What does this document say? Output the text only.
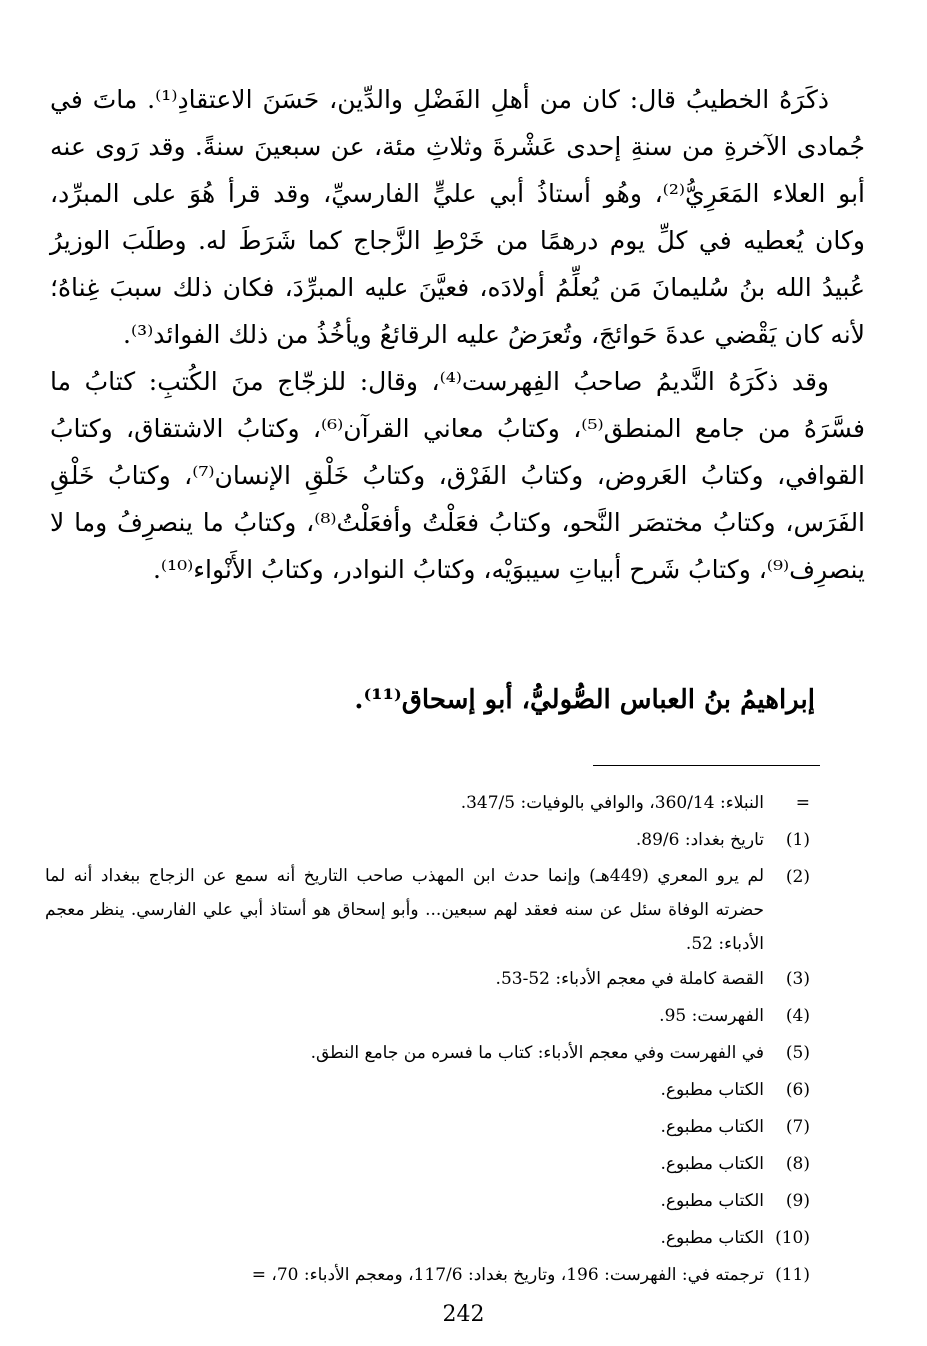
ذكَرَهُ الخطيبُ قال: كان من أهلِ الفَضْلِ والدِّين، حَسَنَ الاعتقادِ⁽¹⁾. ماتَ في جُمادى الآخرةِ من سنةِ إحدى عَشْرةَ وثلاثِ مئة، عن سبعينَ سنةً. وقد رَوى عنه أبو العلاء المَعَرِيُّ⁽²⁾، وهُو أستاذُ أبي عليٍّ الفارسيِّ، وقد قرأ هُوَ على المبرِّد، وكان يُعطيه في كلِّ يوم درهمًا من خَرْطِ الزَّجاج كما شَرَطَ له. وطلَبَ الوزيرُ عُبيدُ الله بنُ سُليمانَ مَن يُعلِّمُ أولادَه، فعيَّنَ عليه المبرِّدَ، فكان ذلك سببَ غِناهُ؛ لأنه كان يَقْضي عدةَ حَوائجَ، وتُعرَضُ عليه الرقائعُ ويأخُذُ من ذلك الفوائد⁽³⁾.

وقد ذكَرَهُ النَّديمُ صاحبُ الفِهرست⁽⁴⁾، وقال: للزجّاج منَ الكُتبِ: كتابُ ما فسَّرَهُ من جامع المنطق⁽⁵⁾، وكتابُ معاني القرآن⁽⁶⁾، وكتابُ الاشتقاق، وكتابُ القوافي، وكتابُ العَروض، وكتابُ الفَرْق، وكتابُ خَلْقِ الإنسان⁽⁷⁾، وكتابُ خَلْقِ الفَرَس، وكتابُ مختصَر النَّحو، وكتابُ فعَلْتُ وأفعَلْتُ⁽⁸⁾، وكتابُ ما ينصرِفُ وما لا ينصرِف⁽⁹⁾، وكتابُ شَرح أبياتِ سيبوَيْه، وكتابُ النوادر، وكتابُ الأَنْواء⁽¹⁰⁾.

إبراهيمُ بنُ العباس الصُّوليُّ، أبو إسحاق⁽¹¹⁾.
=
النبلاء: 360/14، والوافي بالوفيات: 347/5.
(1)
تاريخ بغداد: 89/6.
(2)
لم يرو المعري (449هـ) وإنما حدث ابن المهذب صاحب التاريخ أنه سمع عن الزجاج ببغداد أنه لما حضرته الوفاة سئل عن سنه فعقد لهم سبعين... وأبو إسحاق هو أستاذ أبي علي الفارسي. ينظر معجم الأدباء: 52.
(3)
القصة كاملة في معجم الأدباء: 52-53.
(4)
الفهرست: 95.
(5)
في الفهرست وفي معجم الأدباء: كتاب ما فسره من جامع النطق.
(6)
الكتاب مطبوع.
(7)
الكتاب مطبوع.
(8)
الكتاب مطبوع.
(9)
الكتاب مطبوع.
(10)
الكتاب مطبوع.
(11)
ترجمته في: الفهرست: 196، وتاريخ بغداد: 117/6، ومعجم الأدباء: 70، =
242
